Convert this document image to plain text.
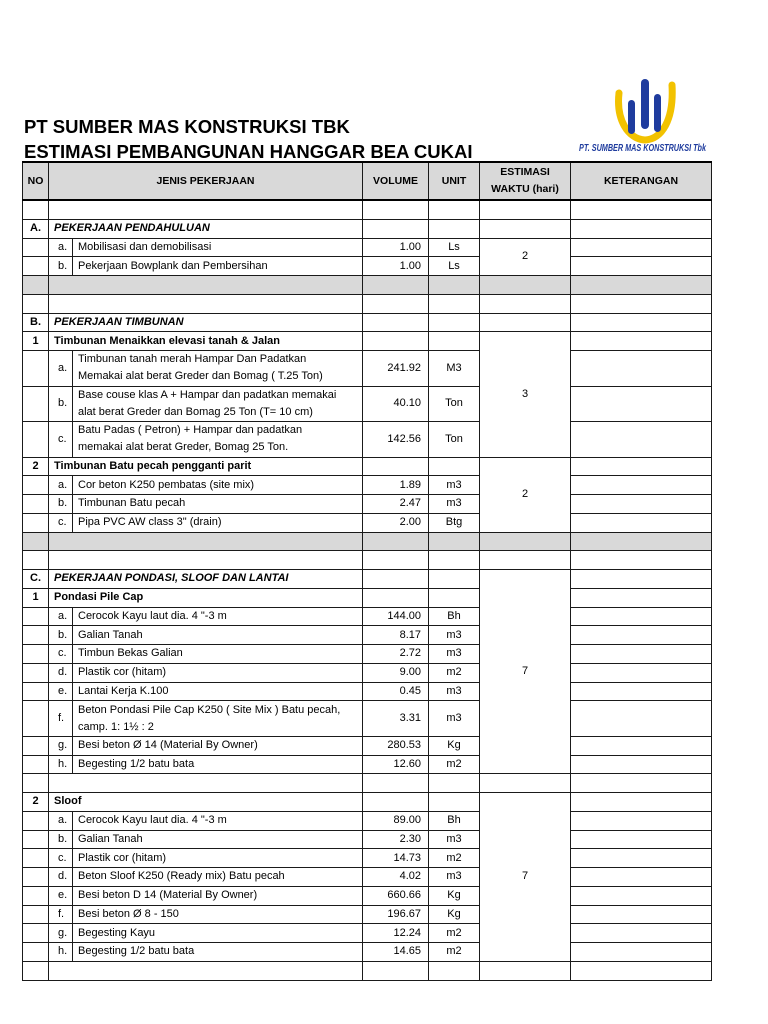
PT SUMBER MAS KONSTRUKSI TBK
ESTIMASI PEMBANGUNAN HANGGAR BEA CUKAI	PT. SUMBER MAS KONSTRUKSI Tbk
NO	JENIS PEKERJAAN		VOLUME	UNIT	ESTIMASI
WAKTU (hari)	KETERANGAN

A.	PEKERJAAN PENDAHULUAN					
	a.	Mobilisasi dan demobilisasi	1.00	Ls	2	
	b.	Pekerjaan Bowplank dan Pembersihan	1.00	Ls		

B.	PEKERJAAN TIMBUNAN					
1	Timbunan Menaikkan elevasi tanah & Jalan				3	
	a.	Timbunan tanah merah Hampar Dan Padatkan
Memakai alat berat Greder dan Bomag ( T.25 Ton)	241.92	M3		
	b.	Base couse klas A + Hampar dan padatkan memakai
alat berat Greder dan Bomag 25 Ton (T= 10 cm)	40.10	Ton		
	c.	Batu Padas ( Petron) + Hampar dan padatkan
memakai alat berat Greder, Bomag 25 Ton.	142.56	Ton		
2	Timbunan Batu pecah pengganti parit				2	
	a.	Cor beton K250 pembatas (site mix)	1.89	m3		
	b.	Timbunan Batu pecah	2.47	m3		
	c.	Pipa PVC AW class 3" (drain)	2.00	Btg		

C.	PEKERJAAN PONDASI, SLOOF DAN LANTAI				7	
1	Pondasi Pile Cap					
	a.	Cerocok Kayu laut dia. 4 "-3 m	144.00	Bh		
	b.	Galian Tanah	8.17	m3		
	c.	Timbun Bekas Galian	2.72	m3		
	d.	Plastik cor (hitam)	9.00	m2		
	e.	Lantai Kerja K.100	0.45	m3		
	f.	Beton Pondasi Pile Cap K250 ( Site Mix ) Batu pecah,
camp. 1: 1½ : 2	3.31	m3		
	g.	Besi beton Ø 14 (Material By Owner)	280.53	Kg		
	h.	Begesting 1/2 batu bata	12.60	m2		

2	Sloof				7	
	a.	Cerocok Kayu laut dia. 4 "-3 m	89.00	Bh		
	b.	Galian Tanah	2.30	m3		
	c.	Plastik cor (hitam)	14.73	m2		
	d.	Beton Sloof K250 (Ready mix) Batu pecah	4.02	m3		
	e.	Besi beton D 14 (Material By Owner)	660.66	Kg		
	f.	Besi beton Ø 8 - 150	196.67	Kg		
	g.	Begesting Kayu	12.24	m2		
	h.	Begesting 1/2 batu bata	14.65	m2		
